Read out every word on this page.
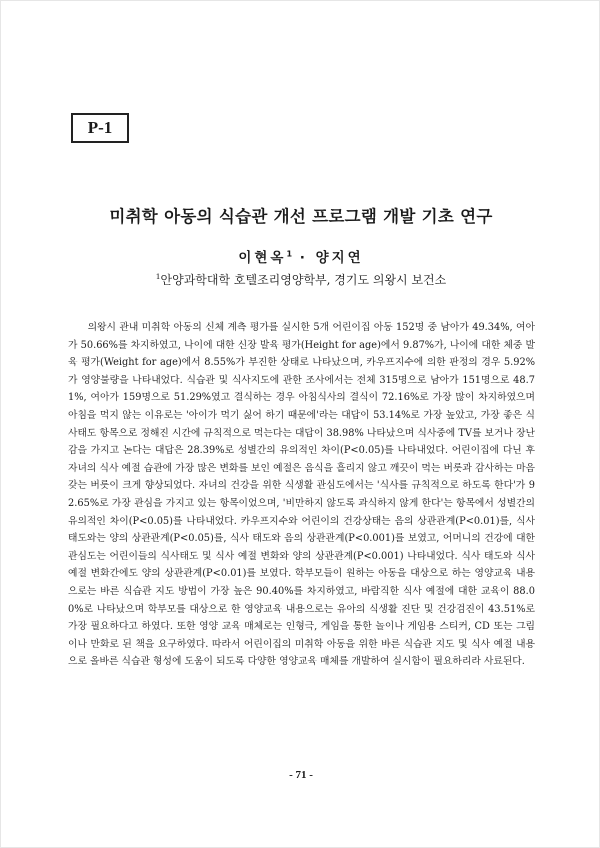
P-1
미취학 아동의 식습관 개선 프로그램 개발 기초 연구
이현옥$^1$ · 양지연
$^1$안양과학대학 호텔조리영양학부, 경기도 의왕시 보건소

의왕시 관내 미취학 아동의 신체 계측 평가를 실시한 5개 어린이집 아동 152명 중 남아가 49.34%, 여아가 50.66%를 차지하였고, 나이에 대한 신장 발육 평가(Height for age)에서 9.87%가, 나이에 대한 체중 발육 평가(Weight for age)에서 8.55%가 부진한 상태로 나타났으며, 카우프지수에 의한 판정의 경우 5.92%가 영양불량을 나타내었다. 식습관 및 식사지도에 관한 조사에서는 전체 315명으로 남아가 151명으로 48.71%, 여아가 159명으로 51.29%였고 결식하는 경우 아침식사의 결식이 72.16%로 가장 많이 차지하였으며 아침을 먹지 않는 이유로는 '아이가 먹기 싫어 하기 때문에'라는 대답이 53.14%로 가장 높았고, 가장 좋은 식사태도 항목으로 정해진 시간에 규칙적으로 먹는다는 대답이 38.98% 나타났으며 식사중에 TV를 보거나 장난감을 가지고 논다는 대답은 28.39%로 성별간의 유의적인 차이(P<0.05)를 나타내었다. 어린이집에 다닌 후 자녀의 식사 예절 습관에 가장 많은 변화를 보인 예절은 음식을 흘리지 않고 깨끗이 먹는 버릇과 감사하는 마음 갖는 버릇이 크게 향상되었다. 자녀의 건강을 위한 식생활 관심도에서는 '식사를 규칙적으로 하도록 한다'가 92.65%로 가장 관심을 가지고 있는 항목이었으며, '비만하지 않도록 과식하지 않게 한다'는 항목에서 성별간의 유의적인 차이(P<0.05)를 나타내었다. 카우프지수와 어린이의 건강상태는 음의 상관관계(P<0.01)를, 식사태도와는 양의 상관관계(P<0.05)를, 식사 태도와 음의 상관관계(P<0.001)를 보였고, 어머니의 건강에 대한 관심도는 어린이들의 식사태도 및 식사 예절 변화와 양의 상관관계(P<0.001) 나타내었다. 식사 태도와 식사 예절 변화간에도 양의 상관관계(P<0.01)를 보였다. 학부모들이 원하는 아동을 대상으로 하는 영양교육 내용으로는 바른 식습관 지도 방법이 가장 높은 90.40%를 차지하였고, 바람직한 식사 예절에 대한 교육이 88.00%로 나타났으며 학부모를 대상으로 한 영양교육 내용으로는 유아의 식생활 진단 및 건강검진이 43.51%로 가장 필요하다고 하였다. 또한 영양 교육 매체로는 인형극, 게임을 통한 놀이나 게임용 스티커, CD 또는 그림이나 만화로 된 책을 요구하였다. 따라서 어린이집의 미취학 아동을 위한 바른 식습관 지도 및 식사 예절 내용으로 올바른 식습관 형성에 도움이 되도록 다양한 영양교육 매체를 개발하여 실시함이 필요하리라 사료된다.

- 71 -
